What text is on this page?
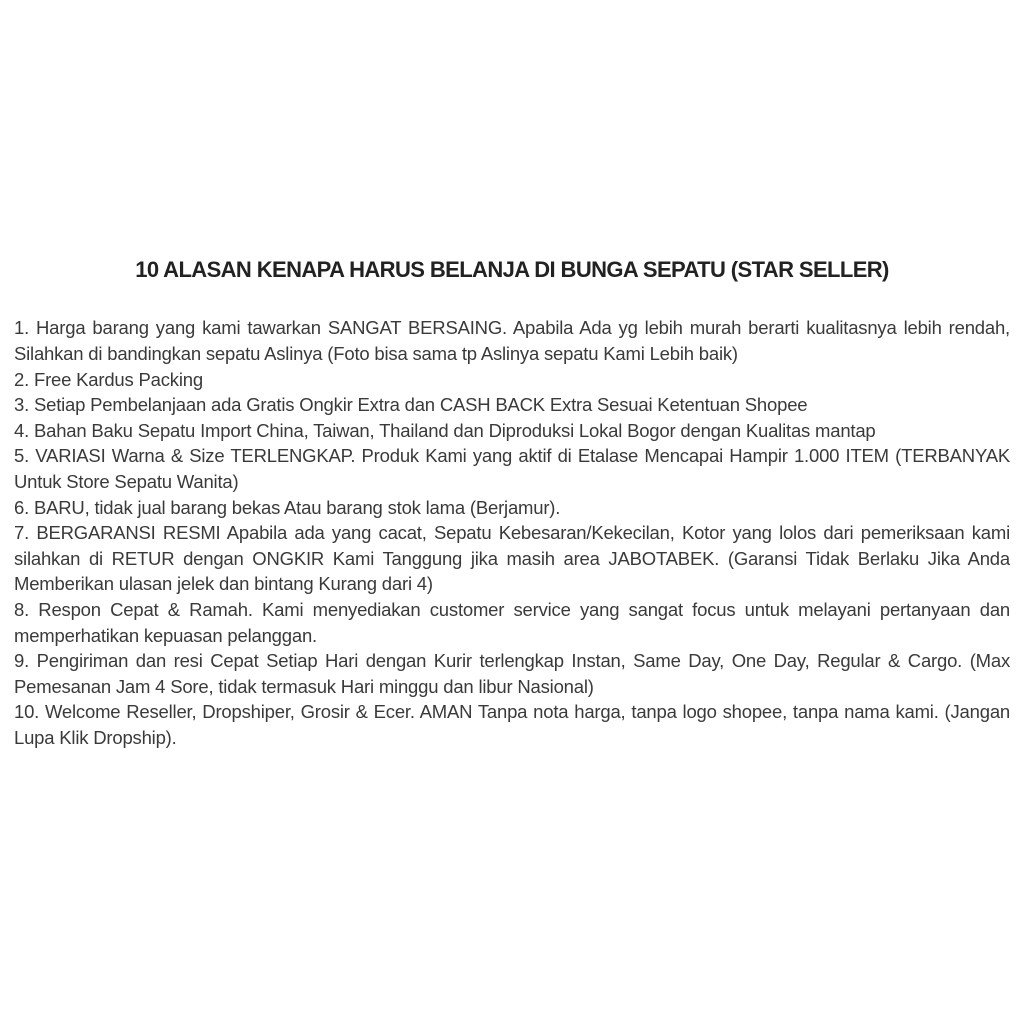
10 ALASAN KENAPA HARUS BELANJA DI BUNGA SEPATU (STAR SELLER)

1. Harga barang yang kami tawarkan SANGAT BERSAING. Apabila Ada yg lebih murah berarti kualitasnya lebih rendah, Silahkan di bandingkan sepatu Aslinya (Foto bisa sama tp Aslinya sepatu Kami Lebih baik)

2. Free Kardus Packing

3. Setiap Pembelanjaan ada Gratis Ongkir Extra dan CASH BACK Extra Sesuai Ketentuan Shopee

4. Bahan Baku Sepatu Import China, Taiwan, Thailand dan Diproduksi Lokal Bogor dengan Kualitas mantap

5. VARIASI Warna & Size TERLENGKAP. Produk Kami yang aktif di Etalase Mencapai Hampir 1.000 ITEM (TERBANYAK Untuk Store Sepatu Wanita)

6. BARU, tidak jual barang bekas Atau barang stok lama (Berjamur).

7. BERGARANSI RESMI Apabila ada yang cacat, Sepatu Kebesaran/Kekecilan, Kotor yang lolos dari pemeriksaan kami silahkan di RETUR dengan ONGKIR Kami Tanggung jika masih area JABOTABEK. (Garansi Tidak Berlaku Jika Anda Memberikan ulasan jelek dan bintang Kurang dari 4)

8. Respon Cepat & Ramah. Kami menyediakan customer service yang sangat focus untuk melayani pertanyaan dan memperhatikan kepuasan pelanggan.

9. Pengiriman dan resi Cepat Setiap Hari dengan Kurir terlengkap Instan, Same Day, One Day, Regular & Cargo. (Max Pemesanan Jam 4 Sore, tidak termasuk Hari minggu dan libur Nasional)

10. Welcome Reseller, Dropshiper, Grosir & Ecer. AMAN Tanpa nota harga, tanpa logo shopee, tanpa nama kami. (Jangan Lupa Klik Dropship).
